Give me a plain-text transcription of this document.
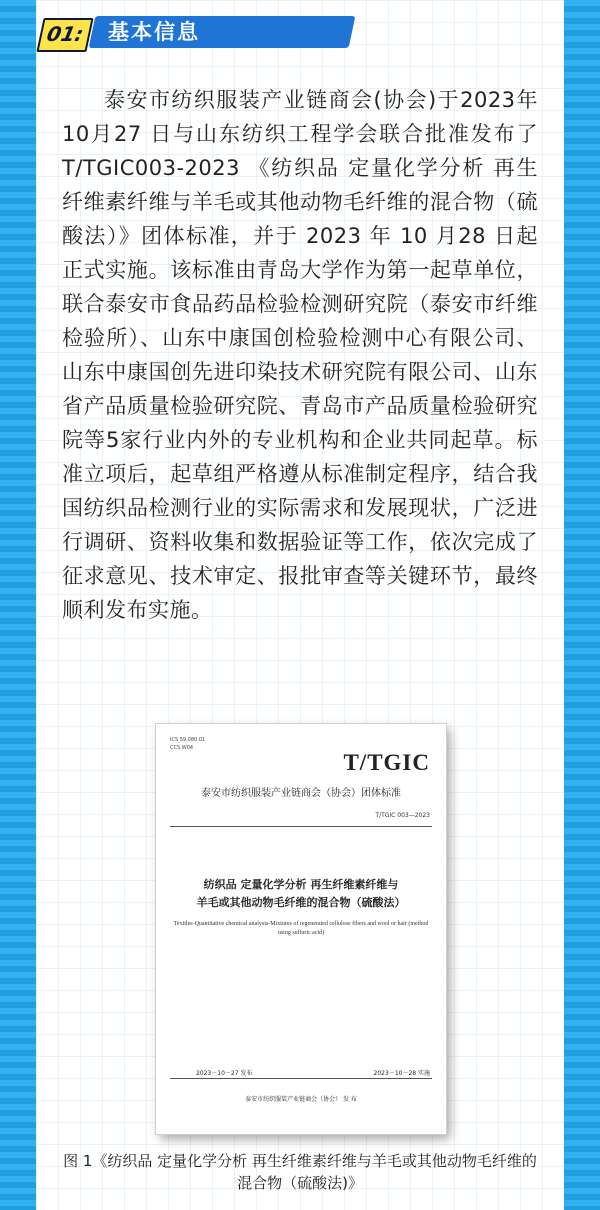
01:	基本信息

泰安市纺织服装产业链商会(协会)于2023年10月27 日与山东纺织工程学会联合批准发布了T/TGIC003-2023 《纺织品 定量化学分析 再生纤维素纤维与羊毛或其他动物毛纤维的混合物（硫酸法）》团体标准，并于 2023 年 10 月28 日起正式实施。该标准由青岛大学作为第一起草单位，联合泰安市食品药品检验检测研究院（泰安市纤维检验所）、山东中康国创检验检测中心有限公司、山东中康国创先进印染技术研究院有限公司、山东省产品质量检验研究院、青岛市产品质量检验研究院等5家行业内外的专业机构和企业共同起草。标准立项后，起草组严格遵从标准制定程序，结合我国纺织品检测行业的实际需求和发展现状，广泛进行调研、资料收集和数据验证等工作，依次完成了征求意见、技术审定、报批审查等关键环节，最终顺利发布实施。

ICS 59.080.01
CCS W04
T/TGIC
泰安市纺织服装产业链商会（协会）团体标准
T/TGIC 003—2023
纺织品 定量化学分析 再生纤维素纤维与
羊毛或其他动物毛纤维的混合物（硫酸法）
Textiles-Quantitative chemical analysis-Mixtures of regenerated cellulose fibers and wool or hair (method using sulfuric acid)
2023－10－27 发布	2023－10－28 实施
泰安市纺织服装产业链商会（协会） 发 布
图 1《纺织品 定量化学分析 再生纤维素纤维与羊毛或其他动物毛纤维的混合物（硫酸法)》
